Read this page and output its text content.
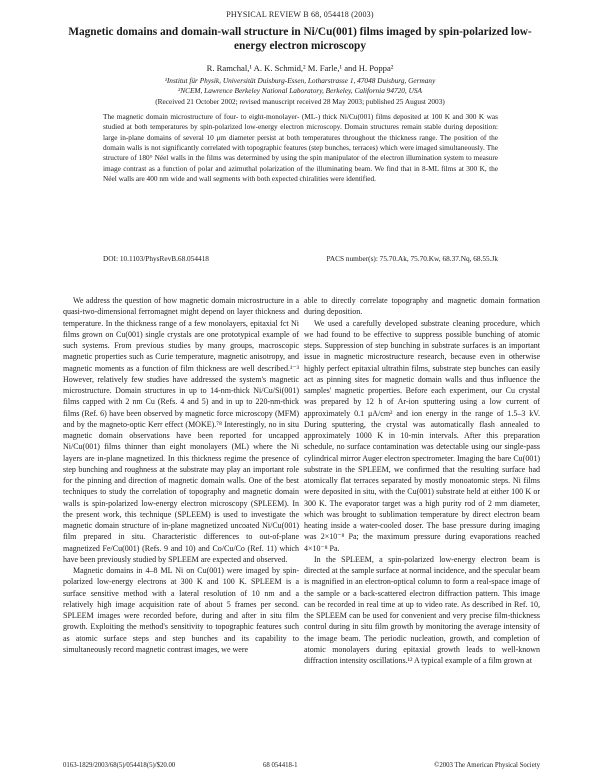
PHYSICAL REVIEW B 68, 054418 (2003)
Magnetic domains and domain-wall structure in Ni/Cu(001) films imaged by spin-polarized low-energy electron microscopy
R. Ramchal,¹ A. K. Schmid,² M. Farle,¹ and H. Poppa²
¹Institut für Physik, Universität Duisburg-Essen, Lotharstrasse 1, 47048 Duisburg, Germany
²NCEM, Lawrence Berkeley National Laboratory, Berkeley, California 94720, USA
(Received 21 October 2002; revised manuscript received 28 May 2003; published 25 August 2003)
The magnetic domain microstructure of four- to eight-monolayer- (ML-) thick Ni/Cu(001) films deposited at 100 K and 300 K was studied at both temperatures by spin-polarized low-energy electron microscopy. Domain structures remain stable during deposition: large in-plane domains of several 10 μm diameter persist at both temperatures throughout the thickness range. The position of the domain walls is not significantly correlated with topographic features (step bunches, terraces) which were imaged simultaneously. The structure of 180° Néel walls in the films was determined by using the spin manipulator of the electron illumination system to measure image contrast as a function of polar and azimuthal polarization of the illuminating beam. We find that in 8-ML films at 300 K, the Néel walls are 400 nm wide and wall segments with both expected chiralities were identified.
DOI: 10.1103/PhysRevB.68.054418	PACS number(s): 75.70.Ak, 75.70.Kw, 68.37.Nq, 68.55.Jk

We address the question of how magnetic domain microstructure in a quasi-two-dimensional ferromagnet might depend on layer thickness and temperature. In the thickness range of a few monolayers, epitaxial fct Ni films grown on Cu(001) single crystals are one prototypical example of such systems. From previous studies by many groups, macroscopic magnetic properties such as Curie temperature, magnetic anisotropy, and magnetic moments as a function of film thickness are well described.¹⁻³ However, relatively few studies have addressed the system's magnetic microstructure. Domain structures in up to 14-nm-thick Ni/Cu/Si(001) films capped with 2 nm Cu (Refs. 4 and 5) and in up to 220-nm-thick films (Ref. 6) have been observed by magnetic force microscopy (MFM) and by the magneto-optic Kerr effect (MOKE).⁷⁸ Interestingly, no in situ magnetic domain observations have been reported for uncapped Ni/Cu(001) films thinner than eight monolayers (ML) where the Ni layers are in-plane magnetized. In this thickness regime the presence of step bunching and roughness at the substrate may play an important role for the pinning and direction of magnetic domain walls. One of the best techniques to study the correlation of topography and magnetic domain walls is spin-polarized low-energy electron microscopy (SPLEEM). In the present work, this technique (SPLEEM) is used to investigate the magnetic domain structure of in-plane magnetized uncoated Ni/Cu(001) film prepared in situ. Characteristic differences to out-of-plane magnetized Fe/Cu(001) (Refs. 9 and 10) and Co/Cu/Co (Ref. 11) which have been previously studied by SPLEEM are expected and observed.

Magnetic domains in 4–8 ML Ni on Cu(001) were imaged by spin-polarized low-energy electrons at 300 K and 100 K. SPLEEM is a surface sensitive method with a lateral resolution of 10 nm and a relatively high image acquisition rate of about 5 frames per second. SPLEEM images were recorded before, during and after in situ film growth. Exploiting the method's sensitivity to topographic features such as atomic surface steps and step bunches and its capability to simultaneously record magnetic contrast images, we were

able to directly correlate topography and magnetic domain formation during deposition.

We used a carefully developed substrate cleaning procedure, which we had found to be effective to suppress possible bunching of atomic steps. Suppression of step bunching in substrate surfaces is an important issue in magnetic microstructure research, because even in otherwise highly perfect epitaxial ultrathin films, substrate step bunches can easily act as pinning sites for magnetic domain walls and thus influence the samples' magnetic properties. Before each experiment, our Cu crystal was prepared by 12 h of Ar-ion sputtering using a low current of approximately 0.1 μA/cm² and ion energy in the range of 1.5–3 kV. During sputtering, the crystal was automatically flash annealed to approximately 1000 K in 10-min intervals. After this preparation schedule, no surface contamination was detectable using our single-pass cylindrical mirror Auger electron spectrometer. Imaging the bare Cu(001) substrate in the SPLEEM, we confirmed that the resulting surface had atomically flat terraces separated by mostly monoatomic steps. Ni films were deposited in situ, with the Cu(001) substrate held at either 100 K or 300 K. The evaporator target was a high purity rod of 2 mm diameter, which was brought to sublimation temperature by direct electron beam heating inside a water-cooled doser. The base pressure during imaging was 2×10⁻⁸ Pa; the maximum pressure during evaporations reached 4×10⁻⁸ Pa.

In the SPLEEM, a spin-polarized low-energy electron beam is directed at the sample surface at normal incidence, and the specular beam is magnified in an electron-optical column to form a real-space image of the sample or a back-scattered electron diffraction pattern. This image can be recorded in real time at up to video rate. As described in Ref. 10, the SPLEEM can be used for convenient and very precise film-thickness control during in situ film growth by monitoring the average intensity of the image beam. The periodic nucleation, growth, and completion of atomic monolayers during epitaxial growth leads to well-known diffraction intensity oscillations.¹² A typical example of a film grown at

0163-1829/2003/68(5)/054418(5)/$20.00	68 054418-1	©2003 The American Physical Society
